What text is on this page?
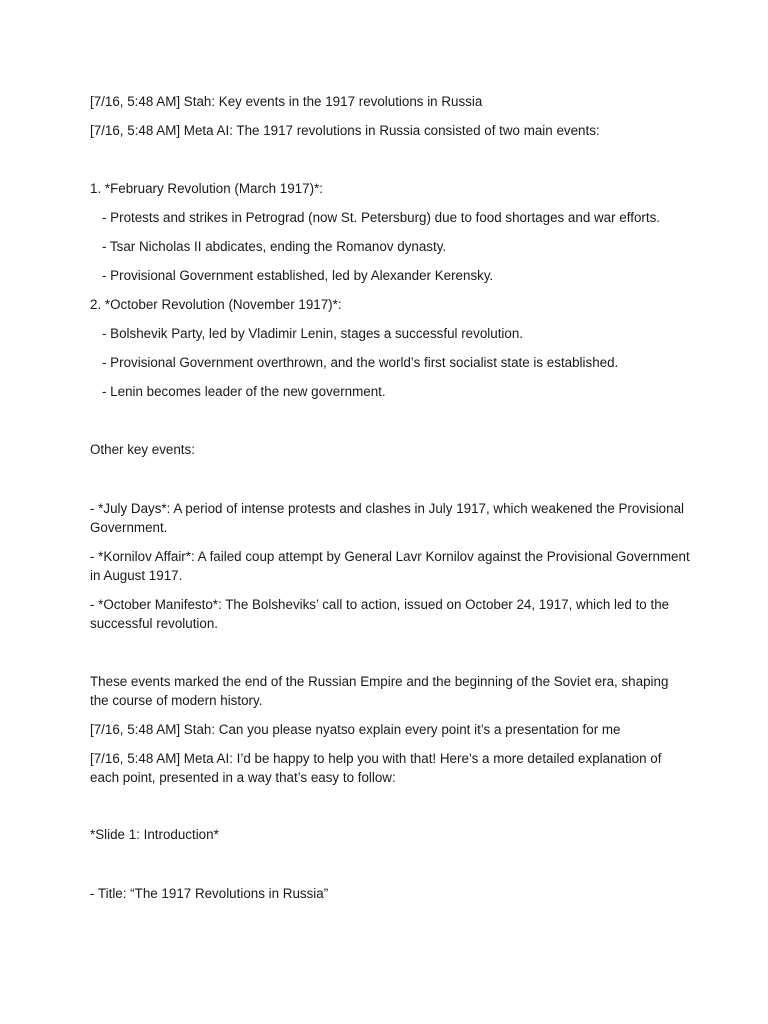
[7/16, 5:48 AM] Stah⁠: Key events in the 1917 revolutions in Russia

[7/16, 5:48 AM] Meta AI: The 1917 revolutions in Russia consisted of two main events:

1. *February Revolution (March 1917)*:

- Protests and strikes in Petrograd (now St. Petersburg) due to food shortages and war efforts.

- Tsar Nicholas II abdicates, ending the Romanov dynasty.

- Provisional Government established, led by Alexander Kerensky.

2. *October Revolution (November 1917)*:

- Bolshevik Party, led by Vladimir Lenin, stages a successful revolution.

- Provisional Government overthrown, and the world’s first socialist state is established.

- Lenin becomes leader of the new government.

Other key events:

- *July Days*: A period of intense protests and clashes in July 1917, which weakened the Provisional Government.

- *Kornilov Affair*: A failed coup attempt by General Lavr Kornilov against the Provisional Government in August 1917.

- *October Manifesto*: The Bolsheviks’ call to action, issued on October 24, 1917, which led to the successful revolution.

These events marked the end of the Russian Empire and the beginning of the Soviet era, shaping the course of modern history.

[7/16, 5:48 AM] Stah⁠: Can you please nyatso explain every point it’s a presentation for me

[7/16, 5:48 AM] Meta AI: I’d be happy to help you with that! Here’s a more detailed explanation of each point, presented in a way that’s easy to follow:

*Slide 1: Introduction*

- Title: “The 1917 Revolutions in Russia”
